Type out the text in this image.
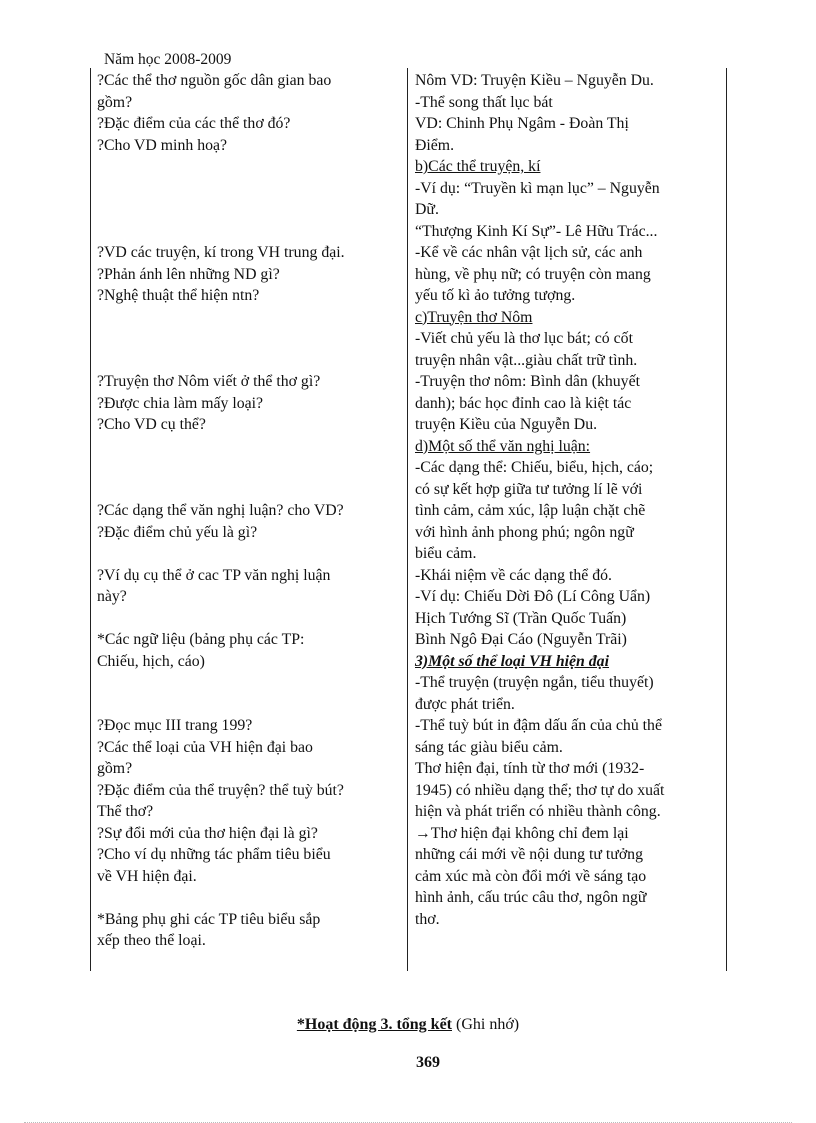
Năm học 2008-2009
?Các thể thơ nguồn gốc dân gian bao
gồm?
?Đặc điểm của các thể thơ đó?
?Cho VD minh hoạ?
?VD các truyện, kí trong VH trung đại.
?Phản ánh lên những ND gì?
?Nghệ thuật thể hiện ntn?
?Truyện thơ Nôm viết ở thể thơ gì?
?Được chia làm mấy loại?
?Cho VD cụ thể?
?Các dạng thể văn nghị luận? cho VD?
?Đặc điểm chủ yếu là gì?
?Ví dụ cụ thể ở cac TP văn nghị luận
này?
*Các ngữ liệu (bảng phụ các TP:
Chiếu, hịch, cáo)
?Đọc mục III trang 199?
?Các thể loại của VH hiện đại bao
gồm?
?Đặc điểm của thể truyện? thể tuỳ bút?
Thể thơ?
?Sự đổi mới của thơ hiện đại là gì?
?Cho ví dụ những tác phẩm tiêu biểu
về VH hiện đại.
*Bảng phụ ghi các TP tiêu biểu sắp
xếp theo thể loại.
Nôm VD: Truyện Kiều – Nguyễn Du.
-Thể song thất lục bát
VD: Chinh Phụ Ngâm - Đoàn Thị
Điểm.
b)Các thể truyện, kí
-Ví dụ: “Truyền kì mạn lục” – Nguyễn
Dữ.
“Thượng Kinh Kí Sự”- Lê Hữu Trác...
-Kể về các nhân vật lịch sử, các anh
hùng, về phụ nữ; có truyện còn mang
yếu tố kì ảo tưởng tượng.
c)Truyện thơ Nôm
-Viết chủ yếu là thơ lục bát; có cốt
truyện nhân vật...giàu chất trữ tình.
-Truyện thơ nôm: Bình dân (khuyết
danh); bác học đỉnh cao là kiệt tác
truyện Kiều của Nguyễn Du.
d)Một số thể văn nghị luận:
-Các dạng thể: Chiếu, biểu, hịch, cáo;
có sự kết hợp giữa tư tưởng lí lẽ với
tình cảm, cảm xúc, lập luận chặt chẽ
với hình ảnh phong phú; ngôn ngữ
biểu cảm.
-Khái niệm về các dạng thể đó.
-Ví dụ: Chiếu Dời Đô (Lí Công Uẩn)
Hịch Tướng Sĩ (Trần Quốc Tuấn)
Bình Ngô Đại Cáo (Nguyễn Trãi)
3)Một số thể loại VH hiện đại
-Thể truyện (truyện ngắn, tiểu thuyết)
được phát triển.
-Thể tuỳ bút in đậm dấu ấn của chủ thể
sáng tác giàu biểu cảm.
Thơ hiện đại, tính từ thơ mới (1932-
1945) có nhiều dạng thể; thơ tự do xuất
hiện và phát triển có nhiều thành công.
→Thơ hiện đại không chỉ đem lại
những cái mới về nội dung tư tưởng
cảm xúc mà còn đổi mới về sáng tạo
hình ảnh, cấu trúc câu thơ, ngôn ngữ
thơ.
*Hoạt động 3. tổng kết (Ghi nhớ)
369
